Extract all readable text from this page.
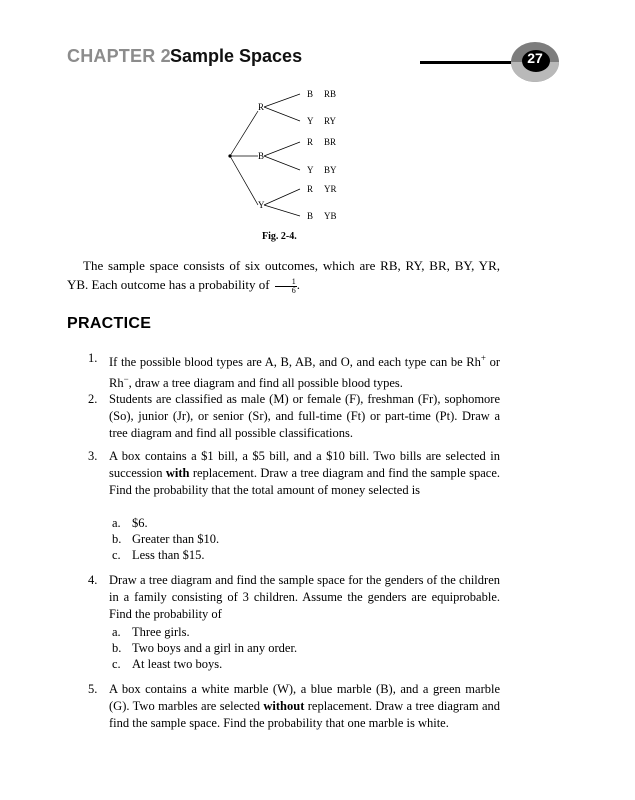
CHAPTER 2 Sample Spaces	27
R
B
Y
B RB
Y RY
R BR
Y BY
R YR
B YB
Fig. 2-4.

The sample space consists of six outcomes, which are RB, RY, BR, BY, YR, YB. Each outcome has a probability of $\frac{1}{6}$ .

PRACTICE
1. If the possible blood types are A, B, AB, and O, and each type can be Rh+ or Rh−, draw a tree diagram and find all possible blood types.
2. Students are classified as male (M) or female (F), freshman (Fr), sophomore (So), junior (Jr), or senior (Sr), and full-time (Ft) or part-time (Pt). Draw a tree diagram and find all possible classifications.
3. A box contains a $1 bill, a $5 bill, and a $10 bill. Two bills are selected in succession with replacement. Draw a tree diagram and find the sample space. Find the probability that the total amount of money selected is
a. $6.
b. Greater than $10.
c. Less than $15.
4. Draw a tree diagram and find the sample space for the genders of the children in a family consisting of 3 children. Assume the genders are equiprobable. Find the probability of
a. Three girls.
b. Two boys and a girl in any order.
c. At least two boys.
5. A box contains a white marble (W), a blue marble (B), and a green marble (G). Two marbles are selected without replacement. Draw a tree diagram and find the sample space. Find the probability that one marble is white.
